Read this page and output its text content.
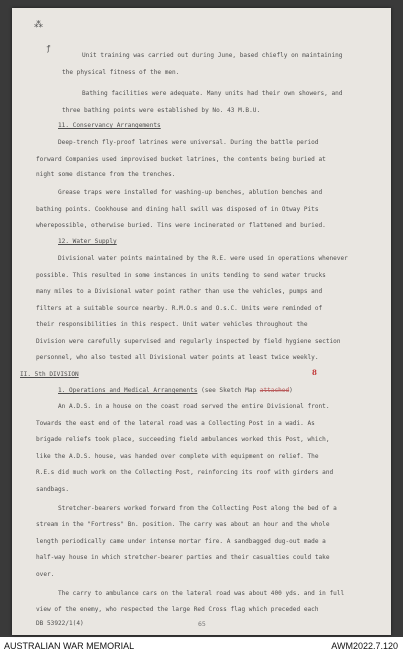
⁂
ƒ
Unit training was carried out during June, based chiefly on maintaining
the physical fitness of the men.
Bathing facilities were adequate. Many units had their own showers, and
three bathing points were established by No. 43 M.B.U.
11. Conservancy Arrangements
Deep-trench fly-proof latrines were universal. During the battle period
forward Companies used improvised bucket latrines, the contents being buried at
night some distance from the trenches.
Grease traps were installed for washing-up benches, ablution benches and
bathing points. Cookhouse and dining hall swill was disposed of in Otway Pits
wherepossible, otherwise buried. Tins were incinerated or flattened and buried.
12. Water Supply
Divisional water points maintained by the R.E. were used in operations whenever
possible. This resulted in some instances in units tending to send water trucks
many miles to a Divisional water point rather than use the vehicles, pumps and
filters at a suitable source nearby. R.M.O.s and O.s.C. Units were reminded of
their responsibilities in this respect. Unit water vehicles throughout the
Division were carefully supervised and regularly inspected by field hygiene section
personnel, who also tested all Divisional water points at least twice weekly.
II. 5th DIVISION	8
1. Operations and Medical Arrangements (see Sketch Map attached)
An A.D.S. in a house on the coast road served the entire Divisional front.
Towards the east end of the lateral road was a Collecting Post in a wadi. As
brigade reliefs took place, succeeding field ambulances worked this Post, which,
like the A.D.S. house, was handed over complete with equipment on relief. The
R.E.s did much work on the Collecting Post, reinforcing its roof with girders and
sandbags.
Stretcher-bearers worked forward from the Collecting Post along the bed of a
stream in the "Fortress" Bn. position. The carry was about an hour and the whole
length periodically came under intense mortar fire. A sandbagged dug-out made a
half-way house in which stretcher-bearer parties and their casualties could take
over.
The carry to ambulance cars on the lateral road was about 400 yds. and in full
view of the enemy, who respected the large Red Cross flag which preceded each
DB 53922/1(4)	65
AUSTRALIAN WAR MEMORIAL	AWM2022.7.120
